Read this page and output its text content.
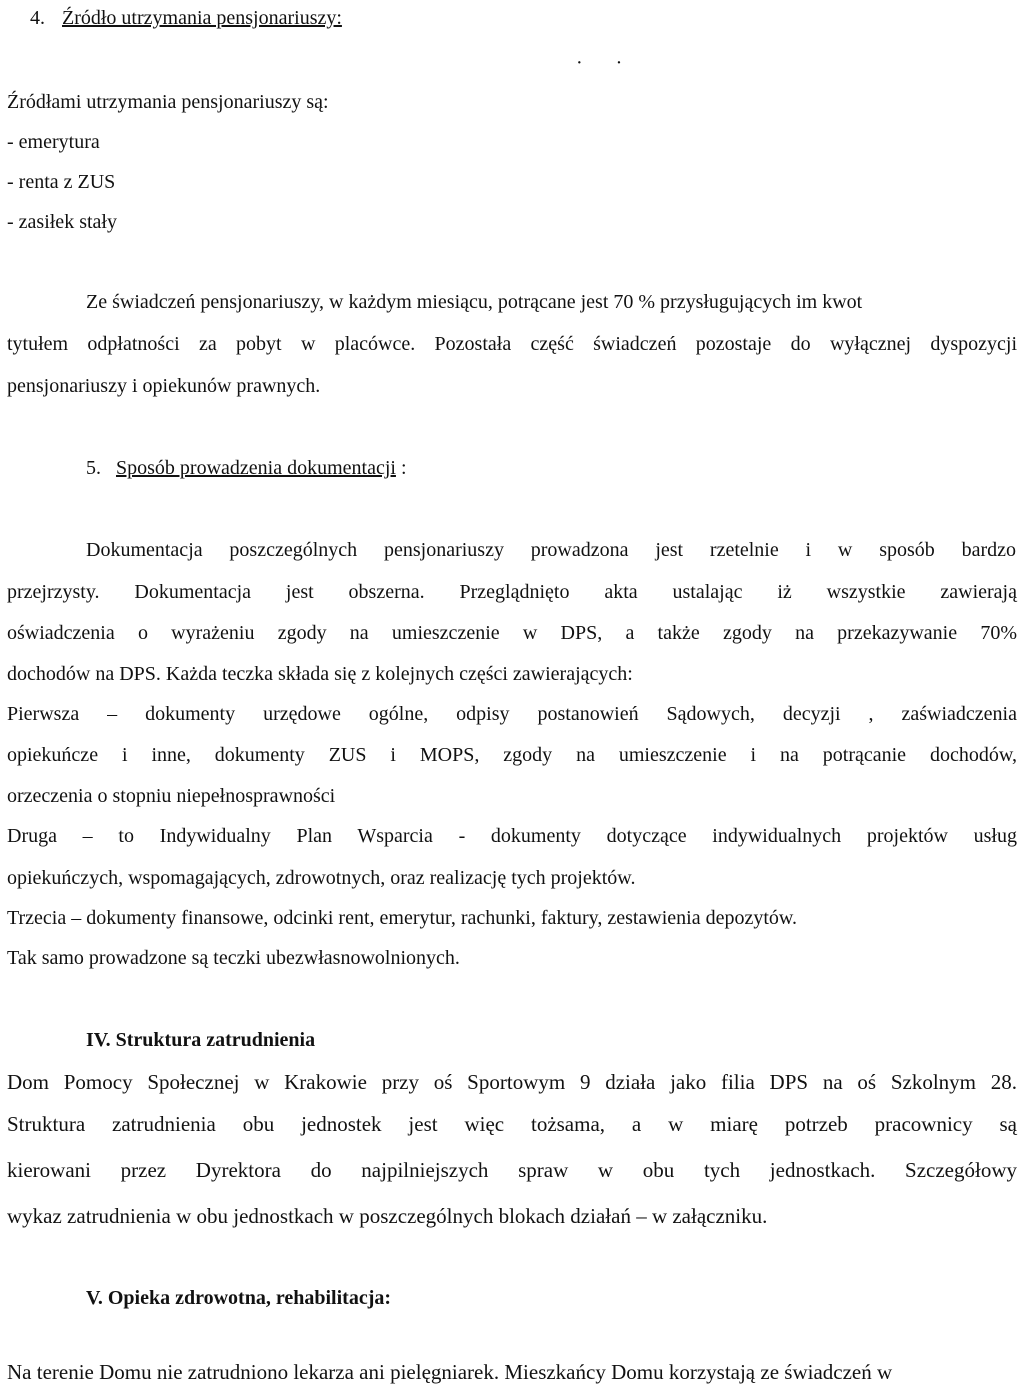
4. Źródło utrzymania pensjonariuszy:
· ·
Źródłami utrzymania pensjonariuszy są:
- emerytura
- renta z ZUS
- zasiłek stały
Ze świadczeń pensjonariuszy, w każdym miesiącu, potrącane jest 70 % przysługujących im kwot
tytułem odpłatności za pobyt w placówce. Pozostała część świadczeń pozostaje do wyłącznej dyspozycji
pensjonariuszy i opiekunów prawnych.
5. Sposób prowadzenia dokumentacji :
Dokumentacja poszczególnych pensjonariuszy prowadzona jest rzetelnie i w sposób bardzo
przejrzysty. Dokumentacja jest obszerna. Przeglądnięto akta ustalając iż wszystkie zawierają
oświadczenia o wyrażeniu zgody na umieszczenie w DPS, a także zgody na przekazywanie 70%
dochodów na DPS. Każda teczka składa się z kolejnych części zawierających:
Pierwsza – dokumenty urzędowe ogólne, odpisy postanowień Sądowych, decyzji , zaświadczenia
opiekuńcze i inne, dokumenty ZUS i MOPS, zgody na umieszczenie i na potrącanie dochodów,
orzeczenia o stopniu niepełnosprawności
Druga – to Indywidualny Plan Wsparcia - dokumenty dotyczące indywidualnych projektów usług
opiekuńczych, wspomagających, zdrowotnych, oraz realizację tych projektów.
Trzecia – dokumenty finansowe, odcinki rent, emerytur, rachunki, faktury, zestawienia depozytów.
Tak samo prowadzone są teczki ubezwłasnowolnionych.
IV. Struktura zatrudnienia
Dom Pomocy Społecznej w Krakowie przy oś Sportowym 9 działa jako filia DPS na oś Szkolnym 28.
Struktura zatrudnienia obu jednostek jest więc tożsama, a w miarę potrzeb pracownicy są
kierowani przez Dyrektora do najpilniejszych spraw w obu tych jednostkach. Szczegółowy
wykaz zatrudnienia w obu jednostkach w poszczególnych blokach działań – w załączniku.
V. Opieka zdrowotna, rehabilitacja:
Na terenie Domu nie zatrudniono lekarza ani pielęgniarek. Mieszkańcy Domu korzystają ze świadczeń w
